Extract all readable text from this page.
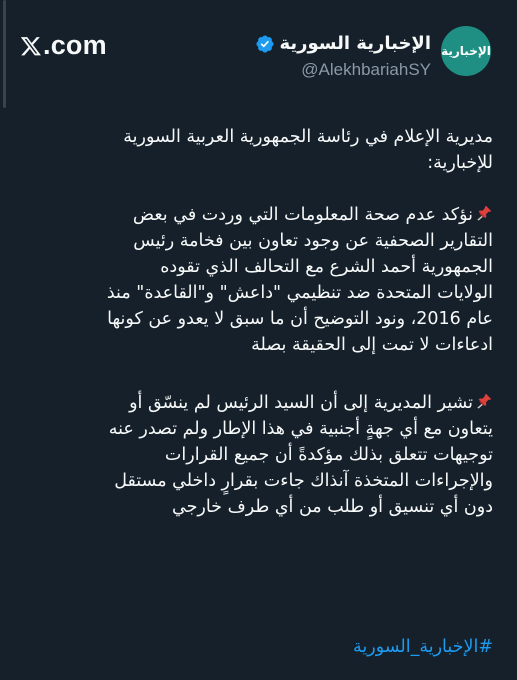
.com	الإخبارية
الإخبارية السورية
@AlekhbariahSY
مديرية الإعلام في رئاسة الجمهورية العربية السورية
للإخبارية:
نؤكد عدم صحة المعلومات التي وردت في بعض
التقارير الصحفية عن وجود تعاون بين فخامة رئيس
الجمهورية أحمد الشرع مع التحالف الذي تقوده
الولايات المتحدة ضد تنظيمي "داعش" و"القاعدة" منذ
عام 2016، ونود التوضيح أن ما سبق لا يعدو عن كونها
ادعاءات لا تمت إلى الحقيقة بصلة
تشير المديرية إلى أن السيد الرئيس لم ينسّق أو
يتعاون مع أي جهةٍ أجنبية في هذا الإطار ولم تصدر عنه
توجيهات تتعلق بذلك مؤكدةً أن جميع القرارات
والإجراءات المتخذة آنذاك جاءت بقرارٍ داخلي مستقل
دون أي تنسيق أو طلب من أي طرف خارجي
#الإخبارية_السورية
